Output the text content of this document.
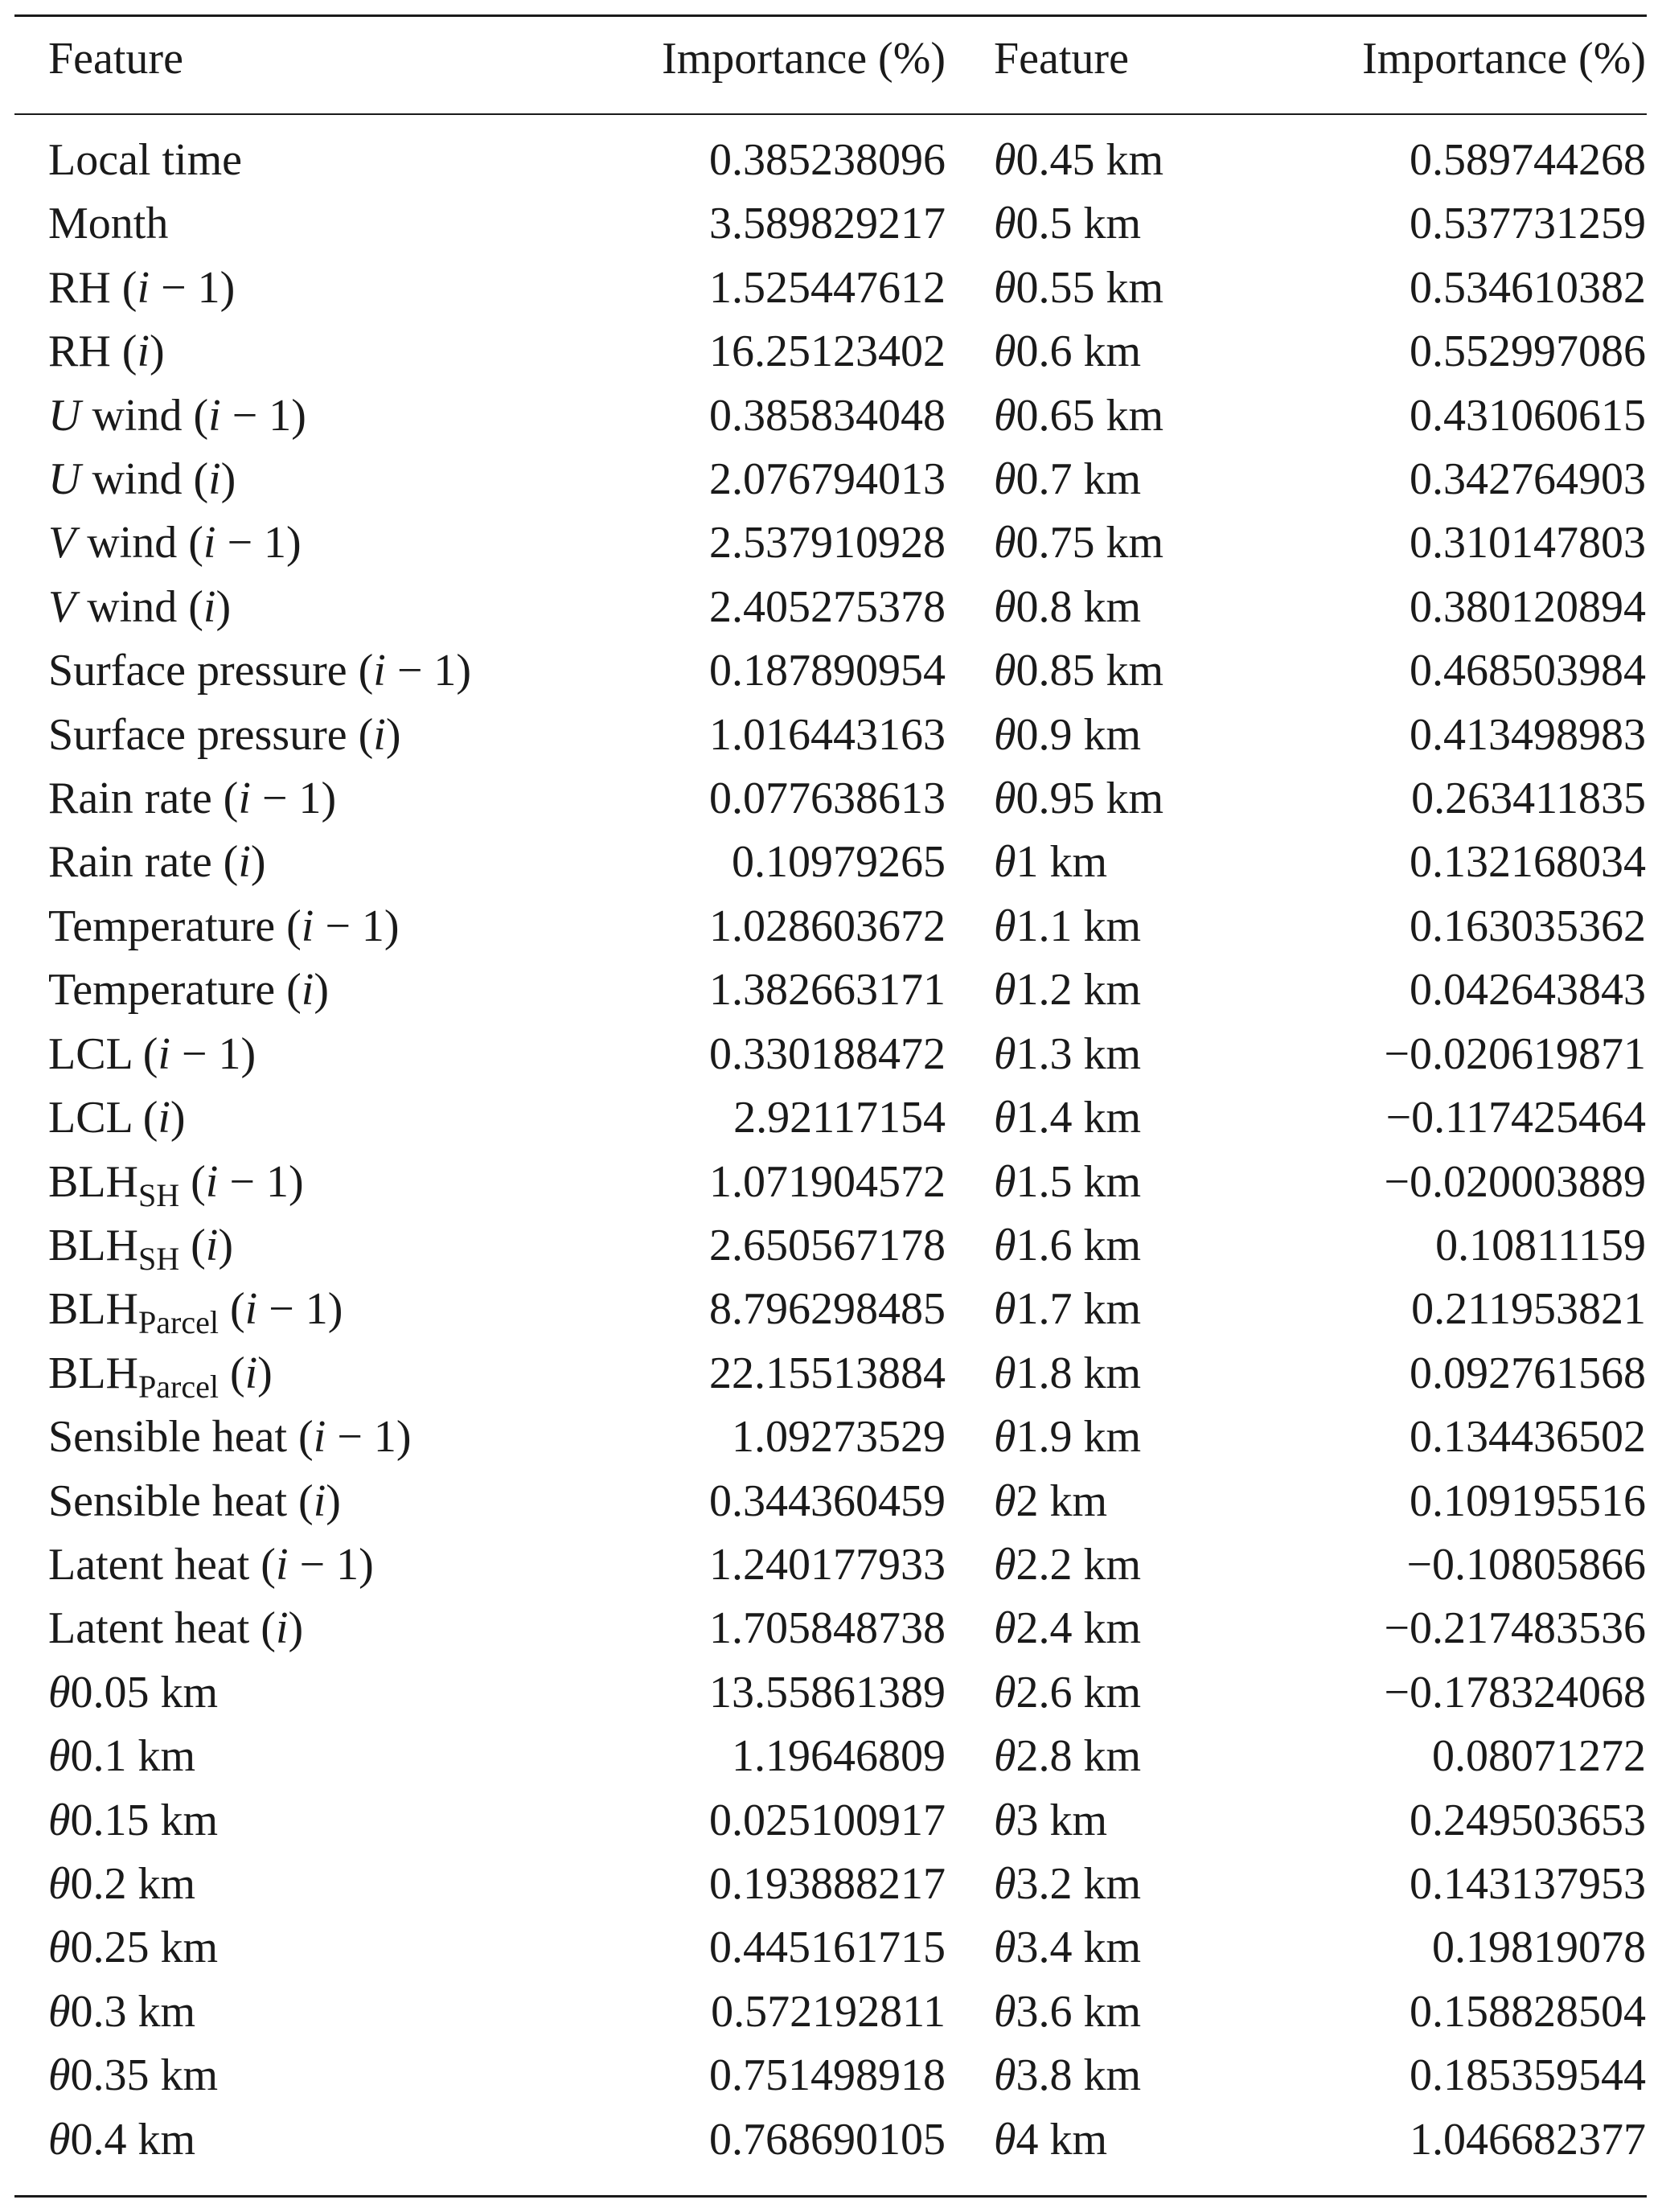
	Feature	Importance (%)		Feature	Importance (%)	
	Local time	0.385238096		θ0.45 km	0.589744268	
	Month	3.589829217		θ0.5 km	0.537731259	
	RH (i − 1)	1.525447612		θ0.55 km	0.534610382	
	RH (i)	16.25123402		θ0.6 km	0.552997086	
	U wind (i − 1)	0.385834048		θ0.65 km	0.431060615	
	U wind (i)	2.076794013		θ0.7 km	0.342764903	
	V wind (i − 1)	2.537910928		θ0.75 km	0.310147803	
	V wind (i)	2.405275378		θ0.8 km	0.380120894	
	Surface pressure (i − 1)	0.187890954		θ0.85 km	0.468503984	
	Surface pressure (i)	1.016443163		θ0.9 km	0.413498983	
	Rain rate (i − 1)	0.077638613		θ0.95 km	0.263411835	
	Rain rate (i)	0.10979265		θ1 km	0.132168034	
	Temperature (i − 1)	1.028603672		θ1.1 km	0.163035362	
	Temperature (i)	1.382663171		θ1.2 km	0.042643843	
	LCL (i − 1)	0.330188472		θ1.3 km	−0.020619871	
	LCL (i)	2.92117154		θ1.4 km	−0.117425464	
	$BLH_{SH}$ (i − 1)	1.071904572		θ1.5 km	−0.020003889	
	$BLH_{SH}$ (i)	2.650567178		θ1.6 km	0.10811159	
	$BLH_{Parcel}$ (i − 1)	8.796298485		θ1.7 km	0.211953821	
	$BLH_{Parcel}$ (i)	22.15513884		θ1.8 km	0.092761568	
	Sensible heat (i − 1)	1.09273529		θ1.9 km	0.134436502	
	Sensible heat (i)	0.344360459		θ2 km	0.109195516	
	Latent heat (i − 1)	1.240177933		θ2.2 km	−0.10805866	
	Latent heat (i)	1.705848738		θ2.4 km	−0.217483536	
	θ0.05 km	13.55861389		θ2.6 km	−0.178324068	
	θ0.1 km	1.19646809		θ2.8 km	0.08071272	
	θ0.15 km	0.025100917		θ3 km	0.249503653	
	θ0.2 km	0.193888217		θ3.2 km	0.143137953	
	θ0.25 km	0.445161715		θ3.4 km	0.19819078	
	θ0.3 km	0.572192811		θ3.6 km	0.158828504	
	θ0.35 km	0.751498918		θ3.8 km	0.185359544	
	θ0.4 km	0.768690105		θ4 km	1.046682377	
